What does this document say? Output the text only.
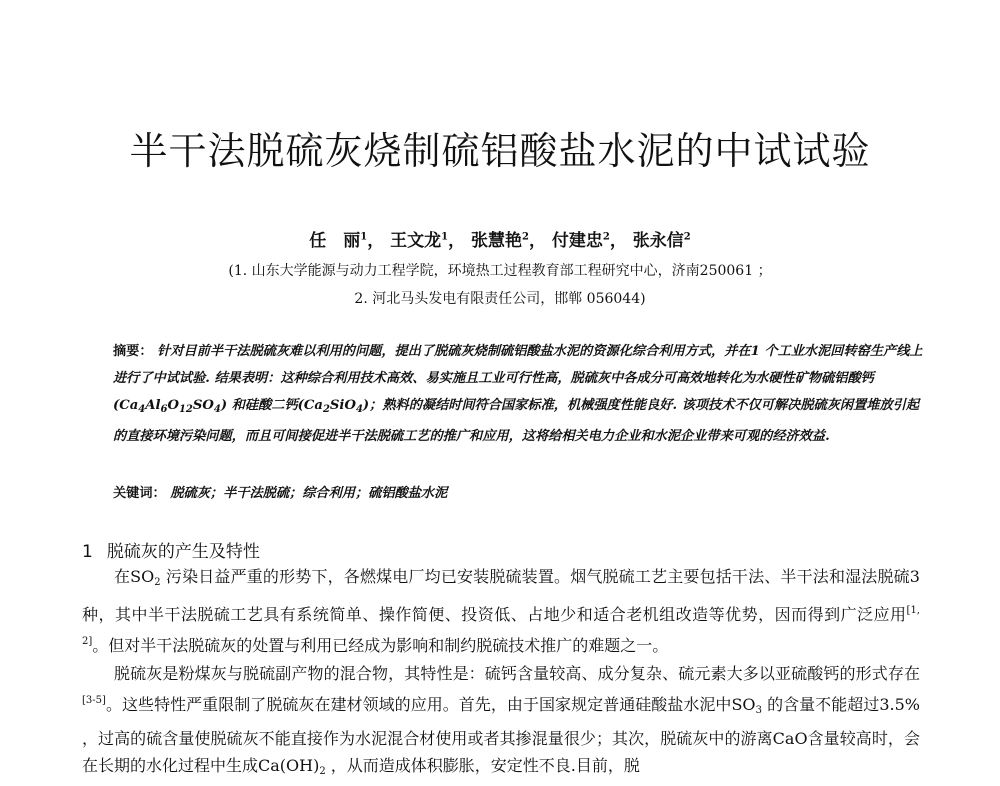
半干法脱硫灰烧制硫铝酸盐水泥的中试试验
任　丽$^1$， 王文龙$^1$， 张慧艳$^2$， 付建忠$^2$， 张永信$^2$
(1. 山东大学能源与动力工程学院，环境热工过程教育部工程研究中心，济南250061 ；
2. 河北马头发电有限责任公司，邯郸 056044)
摘要： 针对目前半干法脱硫灰难以利用的问题，提出了脱硫灰烧制硫铝酸盐水泥的资源化综合利用方式，并在1 个工业水泥回转窑生产线上进行了中试试验. 结果表明：这种综合利用技术高效、易实施且工业可行性高，脱硫灰中各成分可高效地转化为水硬性矿物硫铝酸钙$(Ca_4Al_6O_{12}SO_4)$ 和硅酸二钙$(Ca_2SiO_4)$；熟料的凝结时间符合国家标准，机械强度性能良好. 该项技术不仅可解决脱硫灰闲置堆放引起的直接环境污染问题，而且可间接促进半干法脱硫工艺的推广和应用，这将给相关电力企业和水泥企业带来可观的经济效益.
关键词： 脱硫灰；半干法脱硫；综合利用；硫铝酸盐水泥
1 脱硫灰的产生及特性

在$SO_2$ 污染日益严重的形势下，各燃煤电厂均已安装脱硫装置。烟气脱硫工艺主要包括干法、半干法和湿法脱硫3种，其中半干法脱硫工艺具有系统简单、操作简便、投资低、占地少和适合老机组改造等优势，因而得到广泛应用[1, 2]。但对半干法脱硫灰的处置与利用已经成为影响和制约脱硫技术推广的难题之一。

脱硫灰是粉煤灰与脱硫副产物的混合物，其特性是：硫钙含量较高、成分复杂、硫元素大多以亚硫酸钙的形式存在[3-5]。这些特性严重限制了脱硫灰在建材领域的应用。首先，由于国家规定普通硅酸盐水泥中$SO_3$ 的含量不能超过3.5% ，过高的硫含量使脱硫灰不能直接作为水泥混合材使用或者其掺混量很少；其次，脱硫灰中的游离CaO含量较高时，会在长期的水化过程中生成$Ca(OH)_2$ ，从而造成体积膨胀，安定性不良.目前，脱
